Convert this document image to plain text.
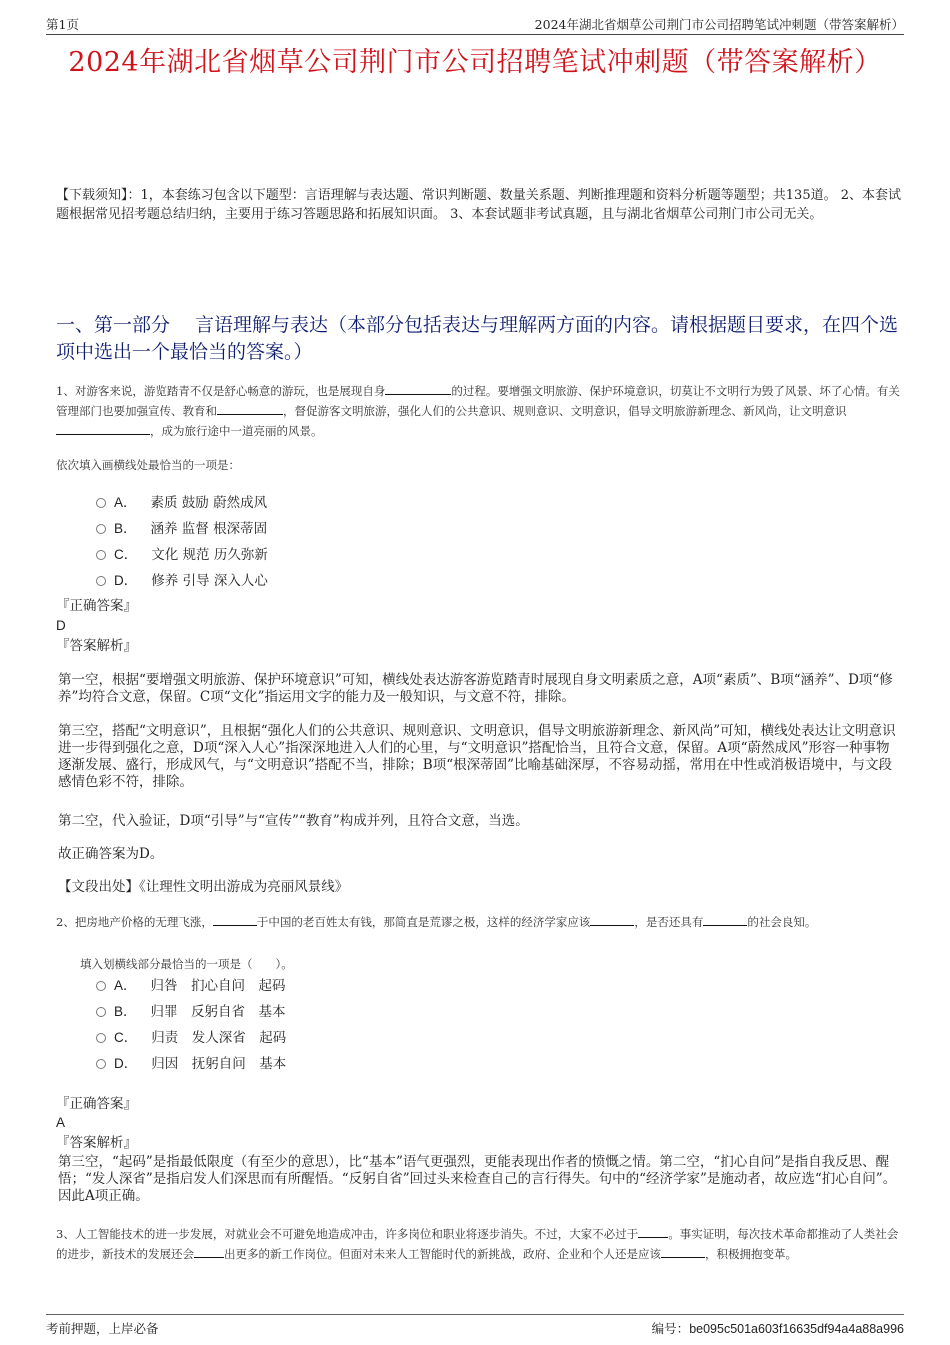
第1页	2024年湖北省烟草公司荆门市公司招聘笔试冲刺题（带答案解析）
2024年湖北省烟草公司荆门市公司招聘笔试冲刺题（带答案解析）
【下载须知】：1，本套练习包含以下题型：言语理解与表达题、常识判断题、数量关系题、判断推理题和资料分析题等题型；共135道。 2、本套试题根据常见招考题总结归纳，主要用于练习答题思路和拓展知识面。 3、本套试题非考试真题，且与湖北省烟草公司荆门市公司无关。
一、第一部分　 言语理解与表达（本部分包括表达与理解两方面的内容。请根据题目要求，在四个选项中选出一个最恰当的答案。）
1、对游客来说，游览踏青不仅是舒心畅意的游玩，也是展现自身	的过程。要增强文明旅游、保护环境意识，切莫让不文明行为毁了风景、坏了心情。有关管理部门也要加强宣传、教育和	，督促游客文明旅游，强化人们的公共意识、规则意识、文明意识，倡导文明旅游新理念、新风尚，让文明意识，成为旅行途中一道亮丽的风景。
依次填入画横线处最恰当的一项是：
A． 素质 鼓励 蔚然成风
B． 涵养 监督 根深蒂固
C． 文化 规范 历久弥新
D． 修养 引导 深入人心
『正确答案』
D
『答案解析』
第一空，根据“要增强文明旅游、保护环境意识”可知，横线处表达游客游览踏青时展现自身文明素质之意，A项“素质”、B项“涵养”、D项“修养”均符合文意，保留。C项“文化”指运用文字的能力及一般知识，与文意不符，排除。
第三空，搭配“文明意识”，且根据“强化人们的公共意识、规则意识、文明意识，倡导文明旅游新理念、新风尚”可知，横线处表达让文明意识进一步得到强化之意，D项“深入人心”指深深地进入人们的心里，与“文明意识”搭配恰当，且符合文意，保留。A项“蔚然成风”形容一种事物逐渐发展、盛行，形成风气，与“文明意识”搭配不当，排除；B项“根深蒂固”比喻基础深厚，不容易动摇，常用在中性或消极语境中，与文段感情色彩不符，排除。
第二空，代入验证，D项“引导”与“宣传”“教育”构成并列，且符合文意，当选。
故正确答案为D。
【文段出处】《让理性文明出游成为亮丽风景线》
2、把房地产价格的无理飞涨，	于中国的老百姓太有钱，那简直是荒谬之极，这样的经济学家应该	，是否还具有	的社会良知。
填入划横线部分最恰当的一项是（　　）。
A． 归咎　扪心自问　起码
B． 归罪　反躬自省　基本
C． 归责　发人深省　起码
D． 归因　抚躬自问　基本
『正确答案』
A
『答案解析』
第三空，“起码”是指最低限度（有至少的意思），比“基本”语气更强烈，更能表现出作者的愤慨之情。第二空，“扪心自问”是指自我反思、醒悟；“发人深省”是指启发人们深思而有所醒悟。“反躬自省”回过头来检查自己的言行得失。句中的“经济学家”是施动者，故应选“扪心自问”。因此A项正确。
3、人工智能技术的进一步发展，对就业会不可避免地造成冲击，许多岗位和职业将逐步消失。不过，大家不必过于	。事实证明，每次技术革命都推动了人类社会的进步，新技术的发展还会	出更多的新工作岗位。但面对未来人工智能时代的新挑战，政府、企业和个人还是应该	，积极拥抱变革。
考前押题，上岸必备	编号：be095c501a603f16635df94a4a88a996
